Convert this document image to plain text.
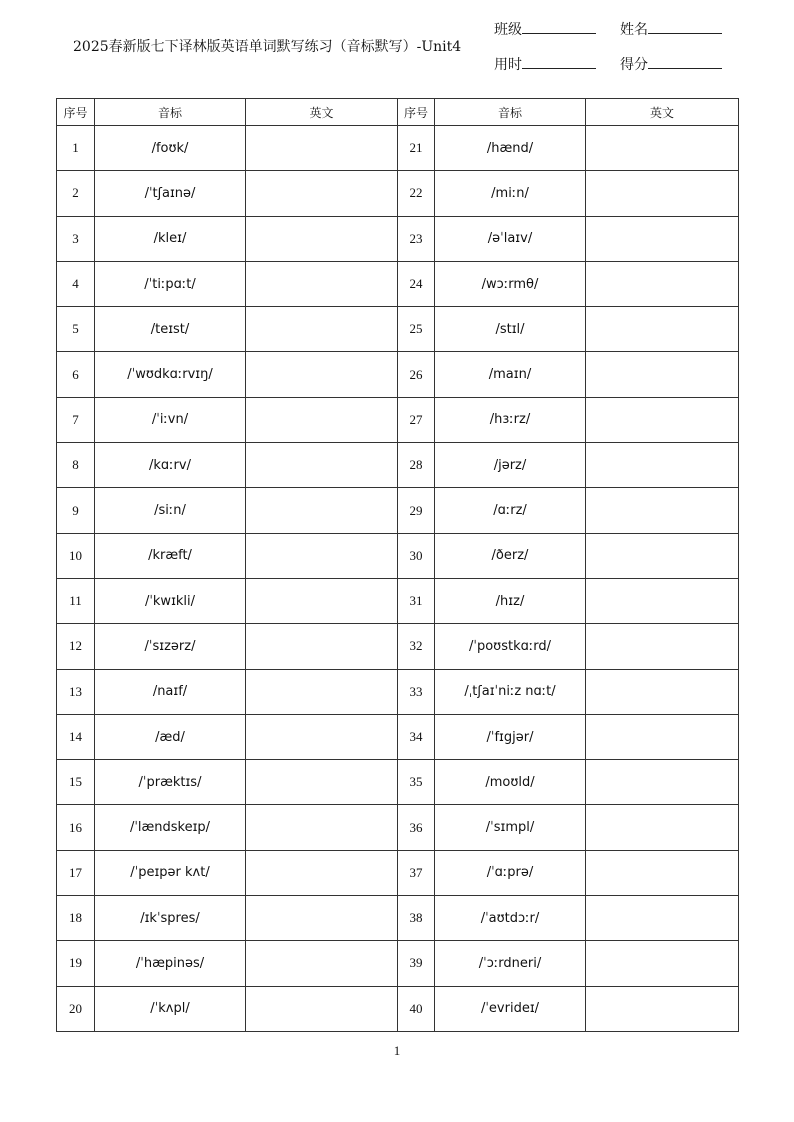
2025春新版七下译林版英语单词默写练习（音标默写）-Unit4
班级	姓名
用时	得分
序号	音标	英文	序号	音标	英文
1	/foʊk/		21	/hænd/	
2	/ˈtʃaɪnə/		22	/miːn/	
3	/kleɪ/		23	/əˈlaɪv/	
4	/ˈtiːpɑːt/		24	/wɔːrmθ/	
5	/teɪst/		25	/stɪl/	
6	/ˈwʊdkɑːrvɪŋ/		26	/maɪn/	
7	/ˈiːvn/		27	/hɜːrz/	
8	/kɑːrv/		28	/jərz/	
9	/siːn/		29	/ɑːrz/	
10	/kræft/		30	/ðerz/	
11	/ˈkwɪkli/		31	/hɪz/	
12	/ˈsɪzərz/		32	/ˈpoʊstkɑːrd/	
13	/naɪf/		33	/ˌtʃaɪˈniːz nɑːt/	
14	/æd/		34	/ˈfɪgjər/	
15	/ˈpræktɪs/		35	/moʊld/	
16	/ˈlændskeɪp/		36	/ˈsɪmpl/	
17	/ˈpeɪpər kʌt/		37	/ˈɑːprə/	
18	/ɪkˈspres/		38	/ˈaʊtdɔːr/	
19	/ˈhæpinəs/		39	/ˈɔːrdneri/	
20	/ˈkʌpl/		40	/ˈevrideɪ/	
1
